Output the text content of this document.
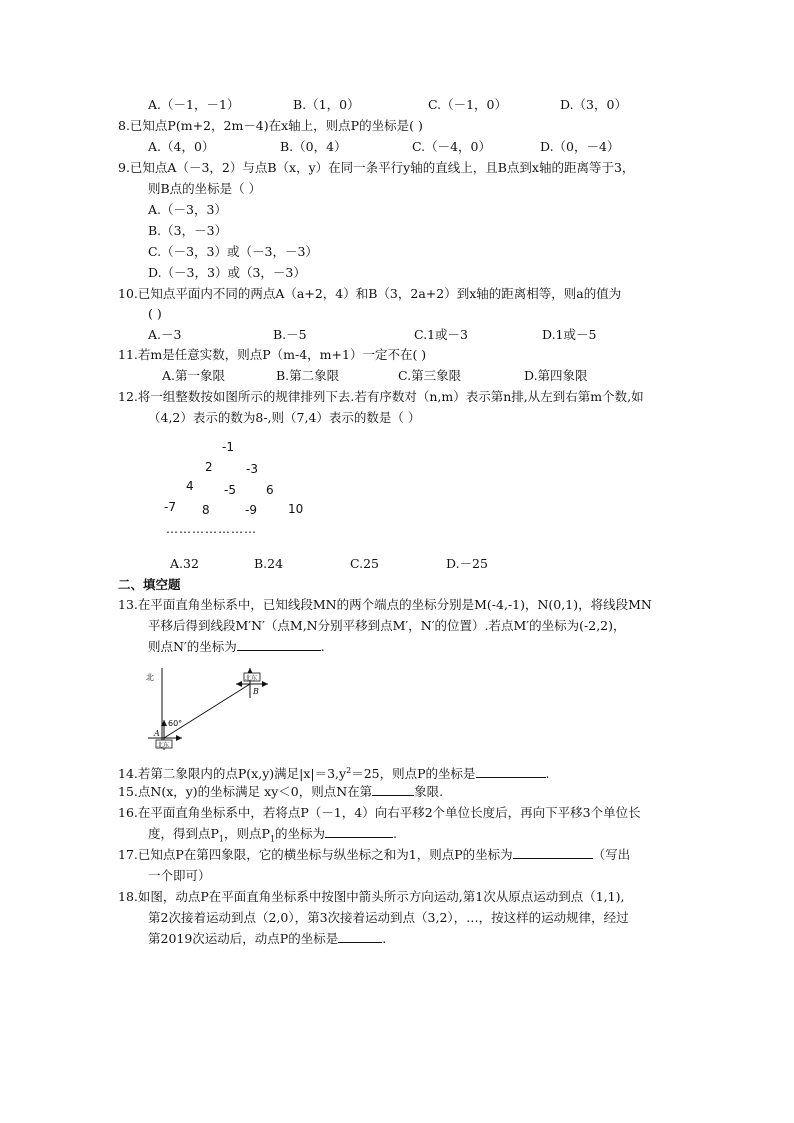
A.（－1，－1）	B.（1，0）	C.（－1，0）	D.（3，0）
8.已知点P(m+2，2m－4)在x轴上，则点P的坐标是( )
A.（4，0）	B.（0，4）	C.（－4，0）	D.（0，－4）
9.已知点A（－3，2）与点B（x，y）在同一条平行y轴的直线上，且B点到x轴的距离等于3，
则B点的坐标是（ ）
A.（－3，3）
B.（3，－3）
C.（－3，3）或（－3，－3）
D.（－3，3）或（3，－3）
10.已知点平面内不同的两点A（a+2，4）和B（3，2a+2）到x轴的距离相等，则a的值为
( )
A.－3	B.－5	C.1或－3	D.1或－5
11.若m是任意实数，则点P（m-4，m+1）一定不在( )
A.第一象限	B.第二象限	C.第三象限	D.第四象限
12.将一组整数按如图所示的规律排列下去.若有序数对（n,m）表示第n排,从左到右第m个数,如
（4,2）表示的数为8-,则（7,4）表示的数是（ ）
-1
2	-3
4	-5	6
-7 8	-9	10
…………………
A.32	B.24	C.25	D.－25
二、填空题
13.在平面直角坐标系中，已知线段MN的两个端点的坐标分别是M(-4,-1)，N(0,1)，将线段MN
平移后得到线段M′N′（点M,N分别平移到点M′，N′的位置）.若点M′的坐标为(-2,2)，
则点N′的坐标为	.
北
北东
60°
A
北东
B
14.若第二象限内的点P(x,y)满足$|x|=3,y^2=25$，则点P的坐标是	.
15.点N(x，y)的坐标满足 xy＜0，则点N在第	象限.
16.在平面直角坐标系中，若将点P（－1，4）向右平移2个单位长度后，再向下平移3个单位长
度，得到点$P_1$，则点$P_1$的坐标为	.
17.已知点P在第四象限，它的横坐标与纵坐标之和为1，则点P的坐标为	（写出
一个即可）
18.如图，动点P在平面直角坐标系中按图中箭头所示方向运动,第1次从原点运动到点（1,1),
第2次接着运动到点（2,0），第3次接着运动到点（3,2），…，按这样的运动规律，经过
第2019次运动后，动点P的坐标是	.
